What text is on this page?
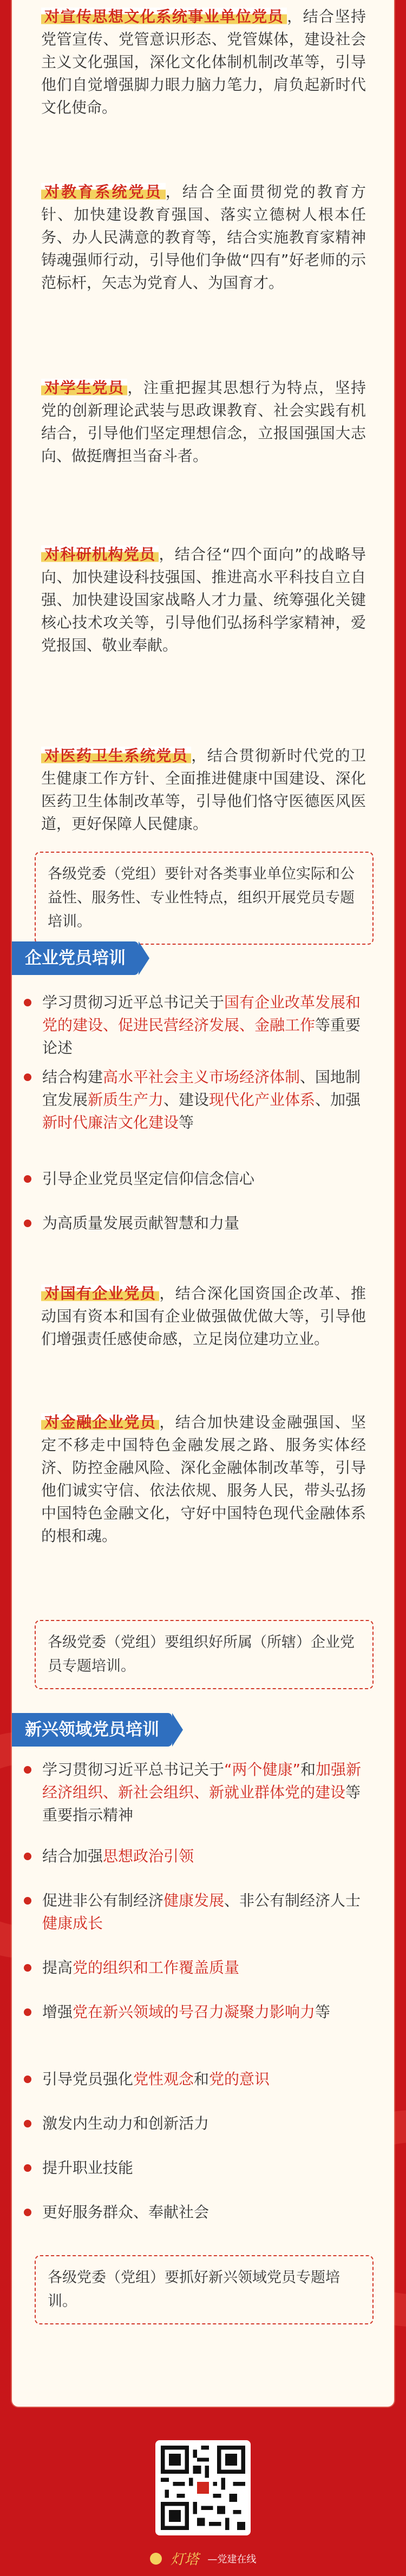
对宣传思想文化系统事业单位党员 ，结合坚持党管宣传、党管意识形态、党管媒体，建设社会主义文化强国，深化文化体制机制改革等，引导他们自觉增强脚力眼力脑力笔力，肩负起新时代文化使命。

对教育系统党员 ，结合全面贯彻党的教育方针、加快建设教育强国、落实立德树人根本任务、办人民满意的教育等，结合实施教育家精神铸魂强师行动，引导他们争做“四有”好老师的示范标杆，矢志为党育人、为国育才。

对学生党员 ，注重把握其思想行为特点，坚持党的创新理论武装与思政课教育、社会实践有机结合，引导他们坚定理想信念，立报国强国大志向、做挺膺担当奋斗者。

对科研机构党员 ，结合径“四个面向”的战略导向、加快建设科技强国、推进高水平科技自立自强、加快建设国家战略人才力量、统筹强化关键核心技术攻关等，引导他们弘扬科学家精神，爱党报国、敬业奉献。

对医药卫生系统党员 ，结合贯彻新时代党的卫生健康工作方针、全面推进健康中国建设、深化医药卫生体制改革等，引导他们恪守医德医风医道，更好保障人民健康。

各级党委（党组）要针对各类事业单位实际和公益性、服务性、专业性特点，组织开展党员专题培训。
企业党员培训
学习贯彻习近平总书记关于国有企业改革发展和党的建设、促进民营经济发展、金融工作等重要论述
结合构建高水平社会主义市场经济体制、国地制宜发展新质生产力、建设现代化产业体系、加强新时代廉洁文化建设等
引导企业党员坚定信仰信念信心
为高质量发展贡献智慧和力量
对国有企业党员 ，结合深化国资国企改革、推动国有资本和国有企业做强做优做大等，引导他们增强责任感使命感，立足岗位建功立业。

对金融企业党员 ，结合加快建设金融强国、坚定不移走中国特色金融发展之路、服务实体经济、防控金融风险、深化金融体制改革等，引导他们诚实守信、依法依规、服务人民，带头弘扬中国特色金融文化，守好中国特色现代金融体系的根和魂。

各级党委（党组）要组织好所属（所辖）企业党员专题培训。
新兴领域党员培训
学习贯彻习近平总书记关于“两个健康”和加强新经济组织、新社会组织、新就业群体党的建设等重要指示精神
结合加强思想政治引领
促进非公有制经济健康发展、非公有制经济人士健康成长
提高党的组织和工作覆盖质量
增强党在新兴领域的号召力凝聚力影响力等
引导党员强化党性观念和党的意识
激发内生动力和创新活力
提升职业技能
更好服务群众、奉献社会
各级党委（党组）要抓好新兴领域党员专题培训。
灯塔 —党建在线
